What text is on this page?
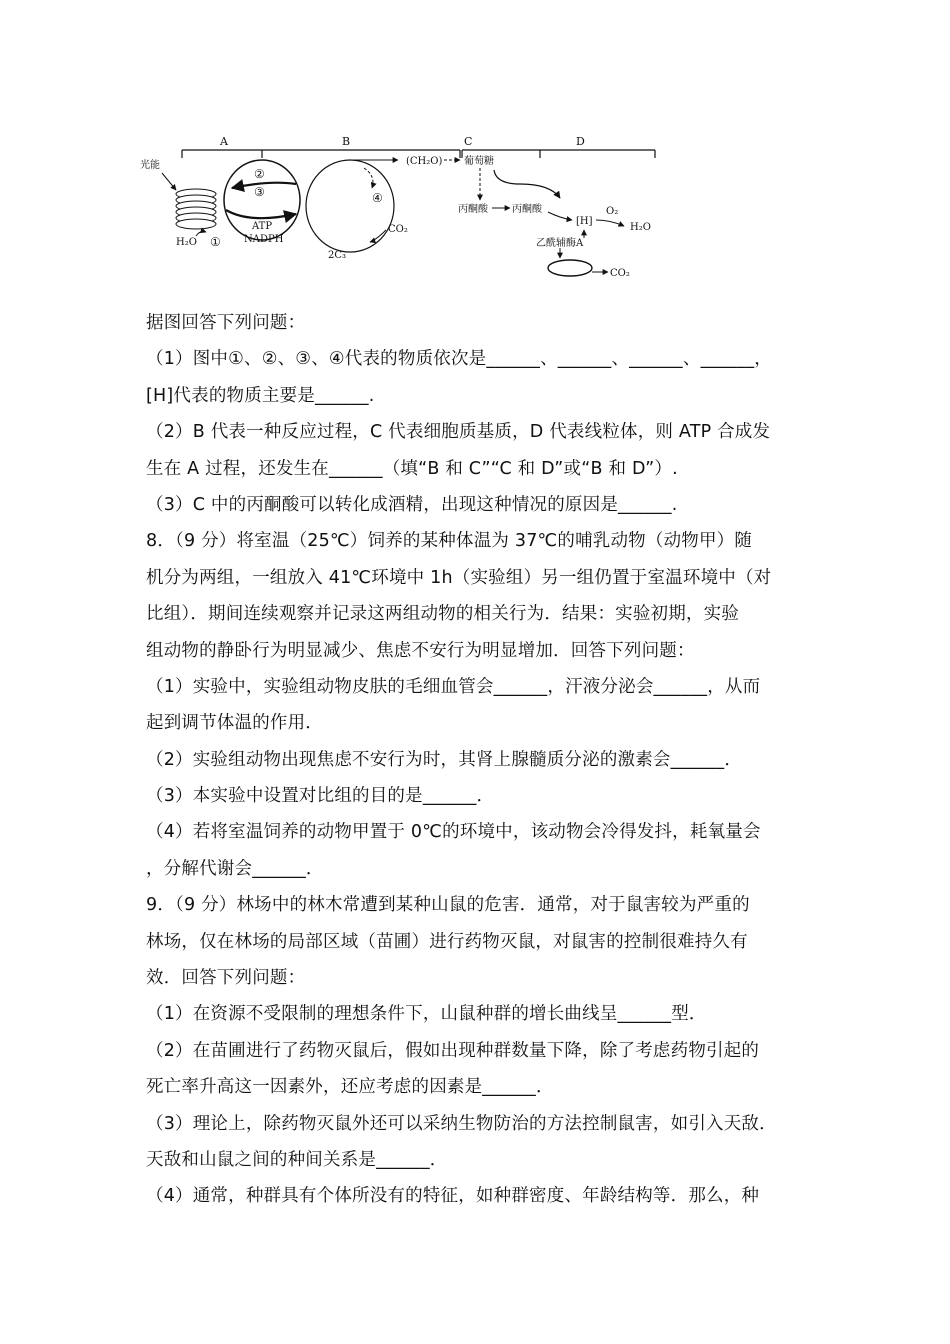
A	B	C	D
光能
H₂O ①
②
③
ATP
NADPH
④
2C₃
CO₂
(CH₂O) 葡萄糖
丙酮酸 丙酮酸
[H]
O₂
H₂O
乙酰辅酶A
CO₂
据图回答下列问题：
（1）图中①、②、③、④代表的物质依次是______、______、______、______，
[H]代表的物质主要是______.
（2）B 代表一种反应过程，C 代表细胞质基质，D 代表线粒体，则 ATP 合成发
生在 A 过程，还发生在______（填“B 和 C”“C 和 D”或“B 和 D”）.
（3）C 中的丙酮酸可以转化成酒精，出现这种情况的原因是______.
8．（9 分）将室温（25℃）饲养的某种体温为 37℃的哺乳动物（动物甲）随
机分为两组，一组放入 41℃环境中 1h（实验组）另一组仍置于室温环境中（对
比组）．期间连续观察并记录这两组动物的相关行为．结果：实验初期，实验
组动物的静卧行为明显减少、焦虑不安行为明显增加．回答下列问题：
（1）实验中，实验组动物皮肤的毛细血管会______，汗液分泌会______，从而
起到调节体温的作用．
（2）实验组动物出现焦虑不安行为时，其肾上腺髓质分泌的激素会______．
（3）本实验中设置对比组的目的是______．
（4）若将室温饲养的动物甲置于 0℃的环境中，该动物会冷得发抖，耗氧量会
，分解代谢会______．
9．（9 分）林场中的林木常遭到某种山鼠的危害．通常，对于鼠害较为严重的
林场，仅在林场的局部区域（苗圃）进行药物灭鼠，对鼠害的控制很难持久有
效．回答下列问题：
（1）在资源不受限制的理想条件下，山鼠种群的增长曲线呈______型．
（2）在苗圃进行了药物灭鼠后，假如出现种群数量下降，除了考虑药物引起的
死亡率升高这一因素外，还应考虑的因素是______．
（3）理论上，除药物灭鼠外还可以采纳生物防治的方法控制鼠害，如引入天敌．
天敌和山鼠之间的种间关系是______．
（4）通常，种群具有个体所没有的特征，如种群密度、年龄结构等．那么，种
